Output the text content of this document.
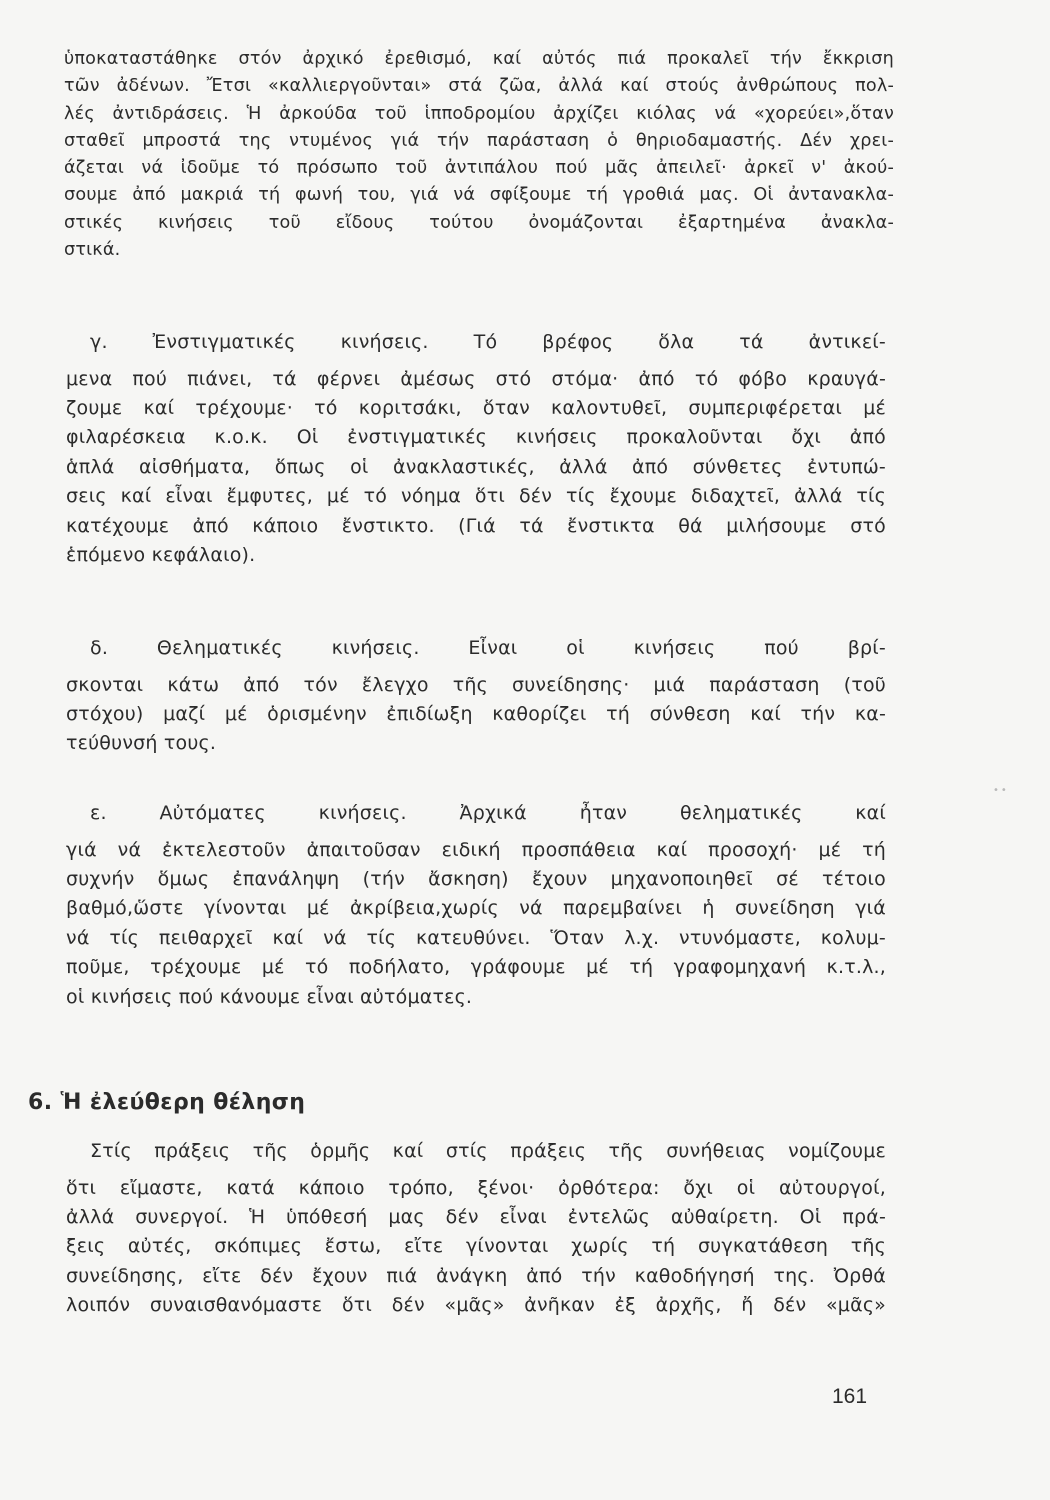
ὑποκαταστάθηκε στόν ἀρχικό ἐρεθισμό, καί αὐτός πιά προκαλεῖ τήν ἔκκριση
τῶν ἀδένων. Ἔτσι «καλλιεργοῦνται» στά ζῶα, ἀλλά καί στούς ἀνθρώπους πολ-
λές ἀντιδράσεις. Ἡ ἀρκούδα τοῦ ἱπποδρομίου ἀρχίζει κιόλας νά «χορεύει»,ὅταν
σταθεῖ μπροστά της ντυμένος γιά τήν παράσταση ὁ θηριοδαμαστής. Δέν χρει-
άζεται νά ἰδοῦμε τό πρόσωπο τοῦ ἀντιπάλου πού μᾶς ἀπειλεῖ· ἀρκεῖ ν' ἀκού-
σουμε ἀπό μακριά τή φωνή του, γιά νά σφίξουμε τή γροθιά μας. Οἱ ἀντανακλα-
στικές κινήσεις τοῦ εἴδους τούτου ὀνομάζονται ἐξαρτημένα ἀνακλα-
στικά.
γ. Ἐνστιγματικές κινήσεις. Τό βρέφος ὅλα τά ἀντικεί-
μενα πού πιάνει, τά φέρνει ἀμέσως στό στόμα· ἀπό τό φόβο κραυγά-
ζουμε καί τρέχουμε· τό κοριτσάκι, ὅταν καλοντυθεῖ, συμπεριφέρεται μέ
φιλαρέσκεια κ.ο.κ. Οἱ ἐνστιγματικές κινήσεις προκαλοῦνται ὄχι ἀπό
ἁπλά αἰσθήματα, ὅπως οἱ ἀνακλαστικές, ἀλλά ἀπό σύνθετες ἐντυπώ-
σεις καί εἶναι ἔμφυτες, μέ τό νόημα ὅτι δέν τίς ἔχουμε διδαχτεῖ, ἀλλά τίς
κατέχουμε ἀπό κάποιο ἔνστικτο. (Γιά τά ἔνστικτα θά μιλήσουμε στό
ἑπόμενο κεφάλαιο).
δ. Θεληματικές κινήσεις. Εἶναι οἱ κινήσεις πού βρί-
σκονται κάτω ἀπό τόν ἔλεγχο τῆς συνείδησης· μιά παράσταση (τοῦ
στόχου) μαζί μέ ὁρισμένην ἐπιδίωξη καθορίζει τή σύνθεση καί τήν κα-
τεύθυνσή τους.
ε. Αὐτόματες κινήσεις. Ἀρχικά ἦταν θεληματικές καί
γιά νά ἐκτελεστοῦν ἀπαιτοῦσαν ειδική προσπάθεια καί προσοχή· μέ τή
συχνήν ὅμως ἐπανάληψη (τήν ἄσκηση) ἔχουν μηχανοποιηθεῖ σέ τέτοιο
βαθμό,ὥστε γίνονται μέ ἀκρίβεια,χωρίς νά παρεμβαίνει ἡ συνείδηση γιά
νά τίς πειθαρχεῖ καί νά τίς κατευθύνει. Ὅταν λ.χ. ντυνόμαστε, κολυμ-
ποῦμε, τρέχουμε μέ τό ποδήλατο, γράφουμε μέ τή γραφομηχανή κ.τ.λ.,
οἱ κινήσεις πού κάνουμε εἶναι αὐτόματες.
6. Ἡ ἐλεύθερη θέληση
Στίς πράξεις τῆς ὁρμῆς καί στίς πράξεις τῆς συνήθειας νομίζουμε
ὅτι εἴμαστε, κατά κάποιο τρόπο, ξένοι· ὀρθότερα: ὄχι οἱ αὐτουργοί,
ἀλλά συνεργοί. Ἡ ὑπόθεσή μας δέν εἶναι ἐντελῶς αὐθαίρετη. Οἱ πρά-
ξεις αὐτές, σκόπιμες ἔστω, εἴτε γίνονται χωρίς τή συγκατάθεση τῆς
συνείδησης, εἴτε δέν ἔχουν πιά ἀνάγκη ἀπό τήν καθοδήγησή της. Ὀρθά
λοιπόν συναισθανόμαστε ὅτι δέν «μᾶς» ἀνῆκαν ἐξ ἀρχῆς, ἤ δέν «μᾶς»
161
••
